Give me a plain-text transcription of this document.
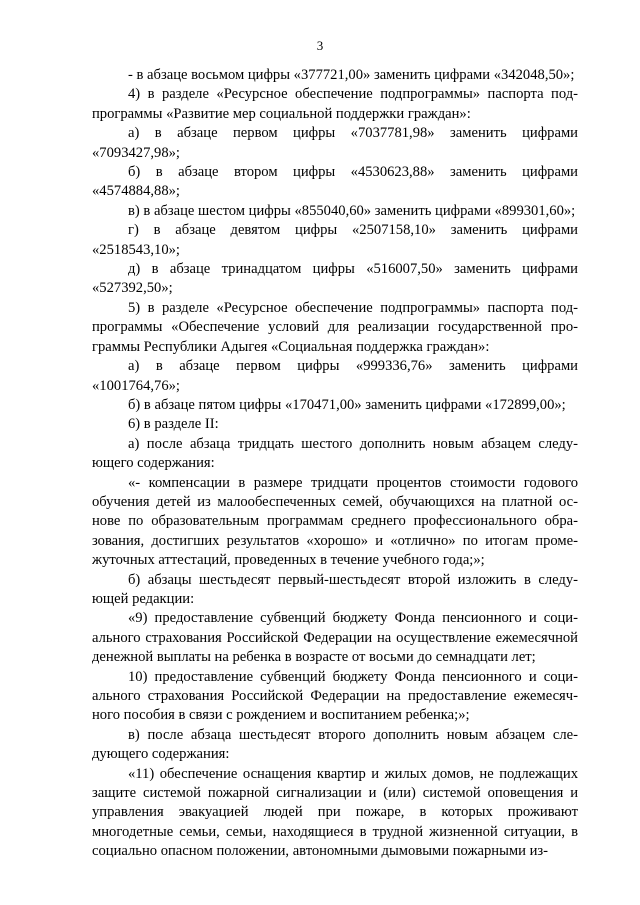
3

- в абзаце восьмом цифры «377721,00» заменить цифрами «342048,50»;

4) в разделе «Ресурсное обеспечение подпрограммы» паспорта подпрограммы «Развитие мер социальной поддержки граждан»:

а) в абзаце первом цифры «7037781,98» заменить цифрами «7093427,98»;

б) в абзаце втором цифры «4530623,88» заменить цифрами «4574884,88»;

в) в абзаце шестом цифры «855040,60» заменить цифрами «899301,60»;

г) в абзаце девятом цифры «2507158,10» заменить цифрами «2518543,10»;

д) в абзаце тринадцатом цифры «516007,50» заменить цифрами «527392,50»;

5) в разделе «Ресурсное обеспечение подпрограммы» паспорта подпрограммы «Обеспечение условий для реализации государственной программы Республики Адыгея «Социальная поддержка граждан»:

а) в абзаце первом цифры «999336,76» заменить цифрами «1001764,76»;

б) в абзаце пятом цифры «170471,00» заменить цифрами «172899,00»;

6) в разделе II:

а) после абзаца тридцать шестого дополнить новым абзацем следующего содержания:

«- компенсации в размере тридцати процентов стоимости годового обучения детей из малообеспеченных семей, обучающихся на платной основе по образовательным программам среднего профессионального образования, достигших результатов «хорошо» и «отлично» по итогам промежуточных аттестаций, проведенных в течение учебного года;»;

б) абзацы шестьдесят первый-шестьдесят второй изложить в следующей редакции:

«9) предоставление субвенций бюджету Фонда пенсионного и социального страхования Российской Федерации на осуществление ежемесячной денежной выплаты на ребенка в возрасте от восьми до семнадцати лет;

10) предоставление субвенций бюджету Фонда пенсионного и социального страхования Российской Федерации на предоставление ежемесячного пособия в связи с рождением и воспитанием ребенка;»;

в) после абзаца шестьдесят второго дополнить новым абзацем следующего содержания:

«11) обеспечение оснащения квартир и жилых домов, не подлежащих защите системой пожарной сигнализации и (или) системой оповещения и управления эвакуацией людей при пожаре, в которых проживают многодетные семьи, семьи, находящиеся в трудной жизненной ситуации, в социально опасном положении, автономными дымовыми пожарными из-
